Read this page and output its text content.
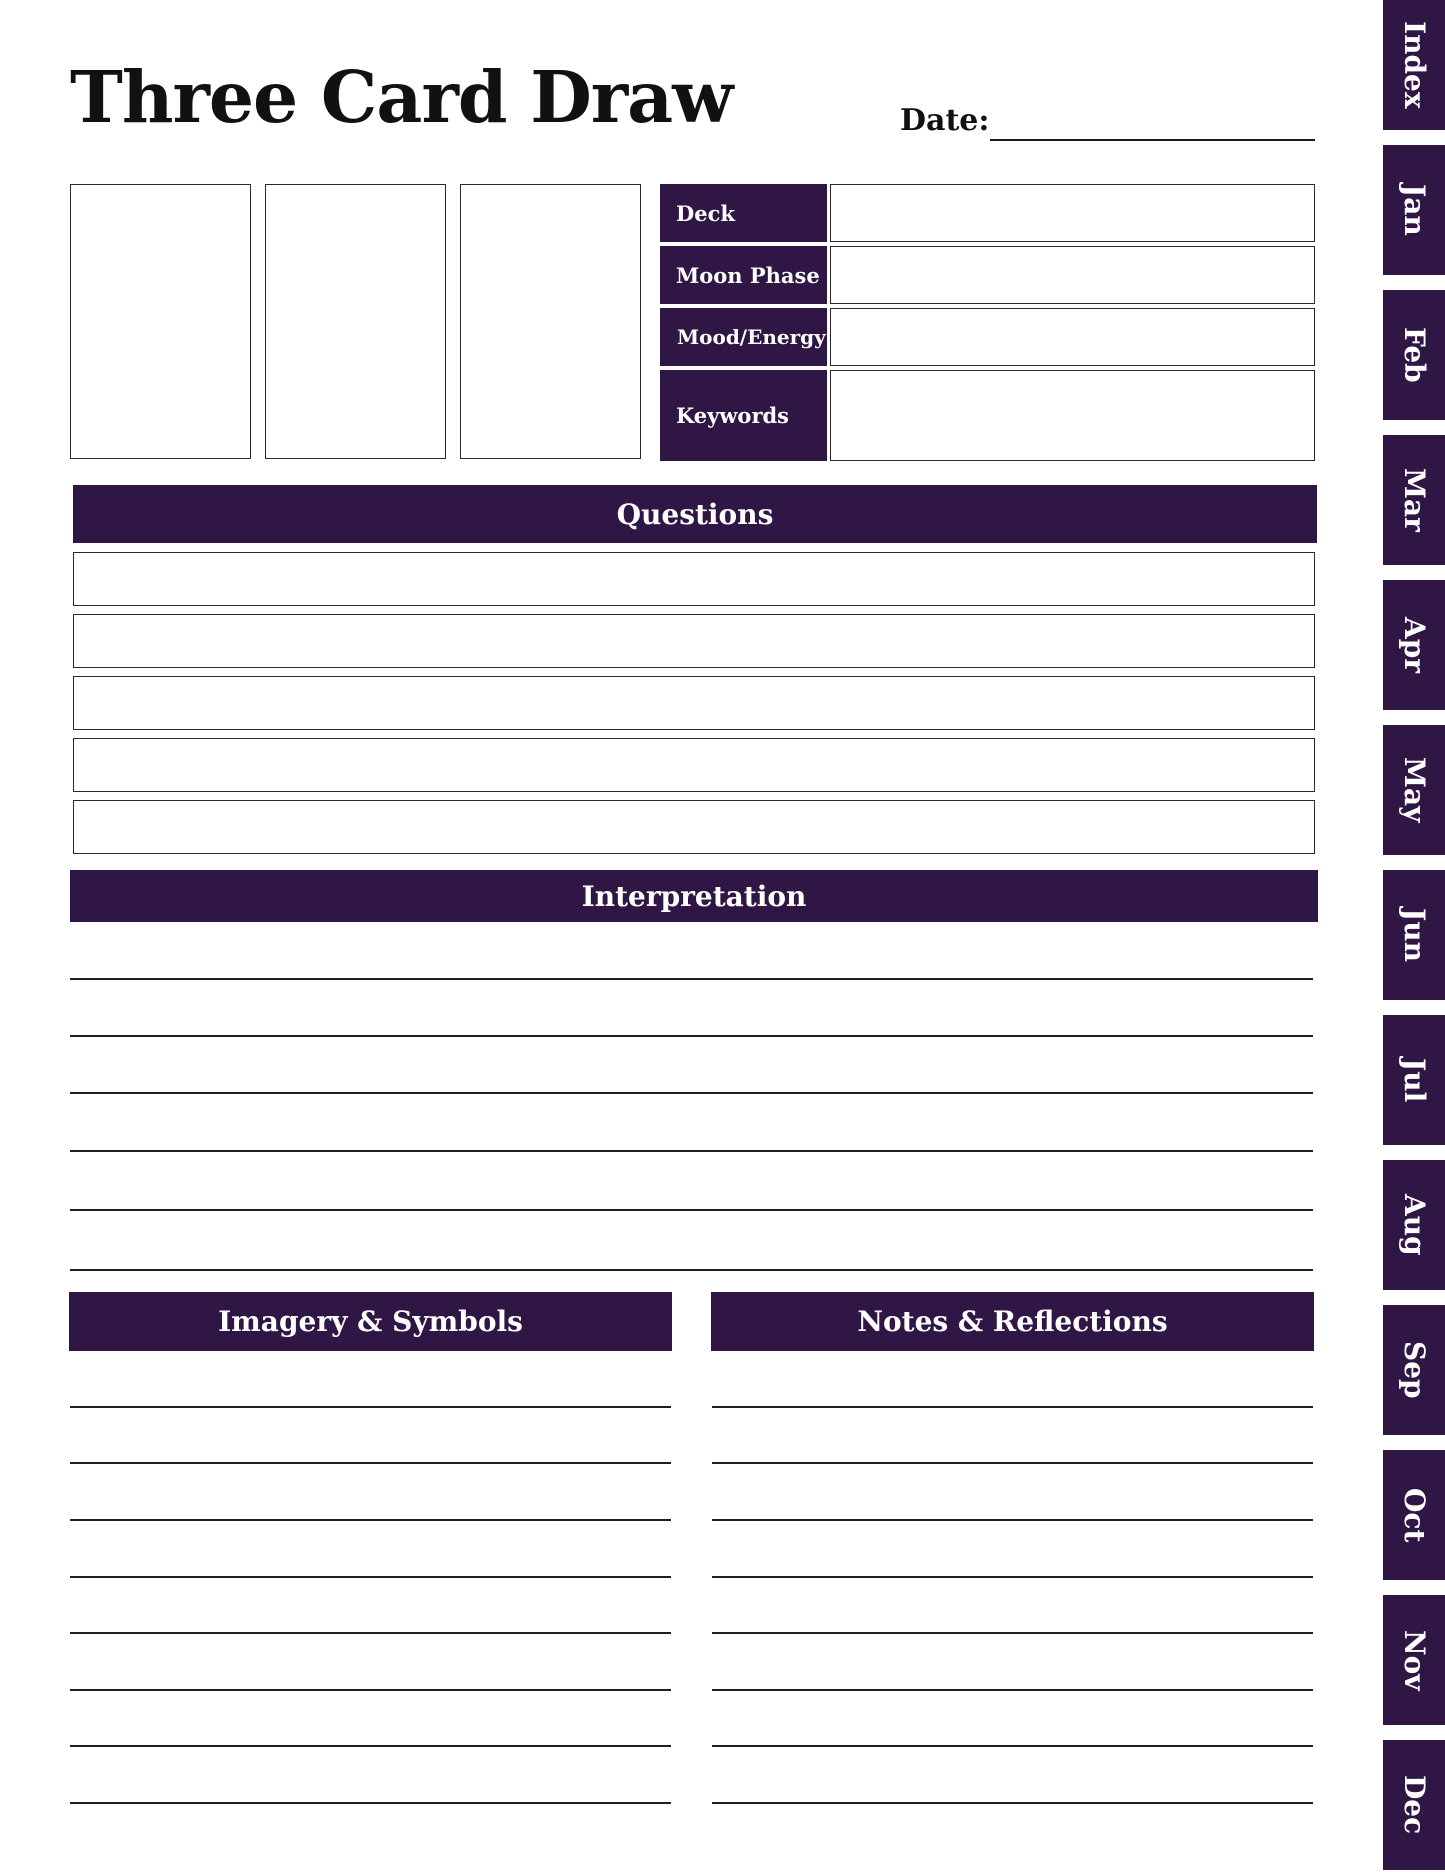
Three Card Draw	Date:
Deck
Moon Phase
Mood/Energy
Keywords
Questions
Interpretation
Imagery & Symbols	Notes & Reflections
Index
Jan
Feb
Mar
Apr
May
Jun
Jul
Aug
Sep
Oct
Nov
Dec
